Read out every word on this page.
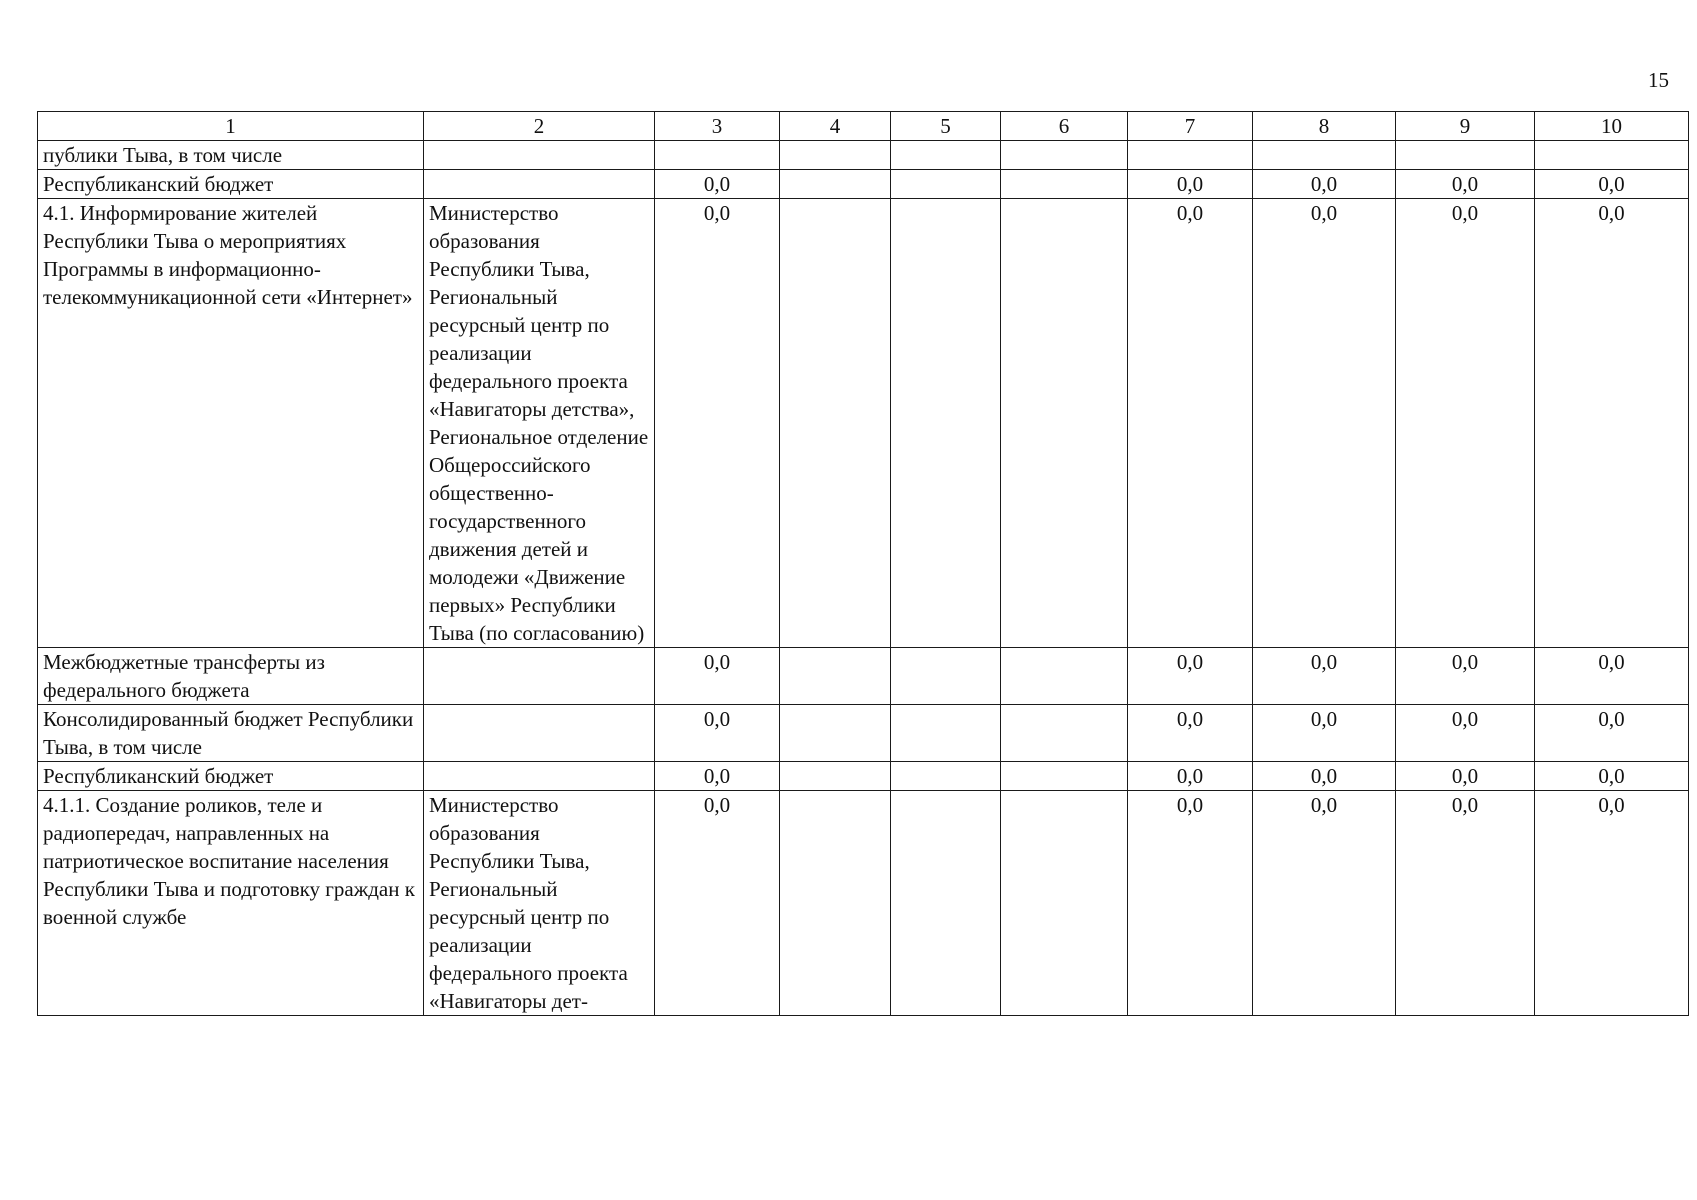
15
1	2	3	4	5	6	7	8	9	10
публики Тыва, в том числе									
Республиканский бюджет		0,0				0,0	0,0	0,0	0,0
4.1. Информирование жителей Республики Тыва о мероприятиях Программы в информационно-телекоммуникационной сети «Интернет»	Министерство образования Республики Тыва, Региональный ресурсный центр по реализации федерального проекта «Навигаторы детства», Региональное отделение Общероссийского общественно-государственного движения детей и молодежи «Движение первых» Республики Тыва (по согласованию)	0,0				0,0	0,0	0,0	0,0
Межбюджетные трансферты из федерального бюджета		0,0				0,0	0,0	0,0	0,0
Консолидированный бюджет Республики Тыва, в том числе		0,0				0,0	0,0	0,0	0,0
Республиканский бюджет		0,0				0,0	0,0	0,0	0,0
4.1.1. Создание роликов, теле и радиопередач, направленных на патриотическое воспитание населения Республики Тыва и подготовку граждан к военной службе	Министерство образования Республики Тыва, Региональный ресурсный центр по реализации федерального проекта «Навигаторы дет-	0,0				0,0	0,0	0,0	0,0
